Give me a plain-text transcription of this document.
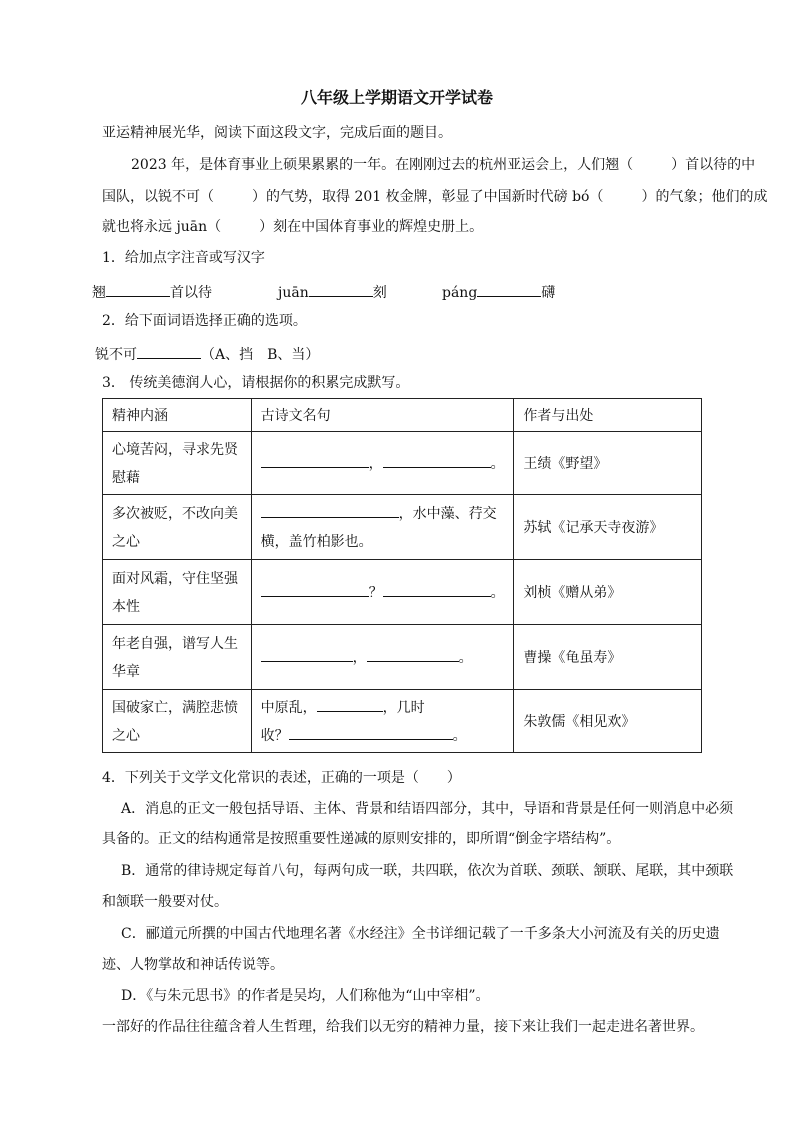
八年级上学期语文开学试卷
亚运精神展光华，阅读下面这段文字，完成后面的题目。
2023 年，是体育事业上硕果累累的一年。在刚刚过去的杭州亚运会上，人们翘（	）首以待的中
国队，以锐不可（	）的气势，取得 201 枚金牌，彰显了中国新时代磅 bó（	）的气象；他们的成
就也将永远 juān（	）刻在中国体育事业的辉煌史册上。
1．给加点字注音或写汉字
翘	首以待	juān	刻	páng	礴
2．给下面词语选择正确的选项。
锐不可	（A、挡　B、当）
3． 传统美德润人心，请根据你的积累完成默写。
精神内涵	古诗文名句	作者与出处
心境苦闷，寻求先贤慰藉	， 。	王绩《野望》
多次被贬，不改向美之心	，水中藻、荇交
横，盖竹柏影也。	苏轼《记承天寺夜游》
面对风霜，守住坚强本性	？ 。	刘桢《赠从弟》
年老自强，谱写人生华章	， 。	曹操《龟虽寿》
国破家亡，满腔悲愤之心	中原乱， ，几时
收？ 。	朱敦儒《相见欢》
4．下列关于文学文化常识的表述，正确的一项是（　　）
A．消息的正文一般包括导语、主体、背景和结语四部分，其中，导语和背景是任何一则消息中必须
具备的。正文的结构通常是按照重要性递减的原则安排的，即所谓“倒金字塔结构”。
B．通常的律诗规定每首八句，每两句成一联，共四联，依次为首联、颈联、颔联、尾联，其中颈联
和颔联一般要对仗。
C．郦道元所撰的中国古代地理名著《水经注》全书详细记载了一千多条大小河流及有关的历史遗
迹、人物掌故和神话传说等。
D．《与朱元思书》的作者是吴均，人们称他为“山中宰相”。
一部好的作品往往蕴含着人生哲理，给我们以无穷的精神力量，接下来让我们一起走进名著世界。
